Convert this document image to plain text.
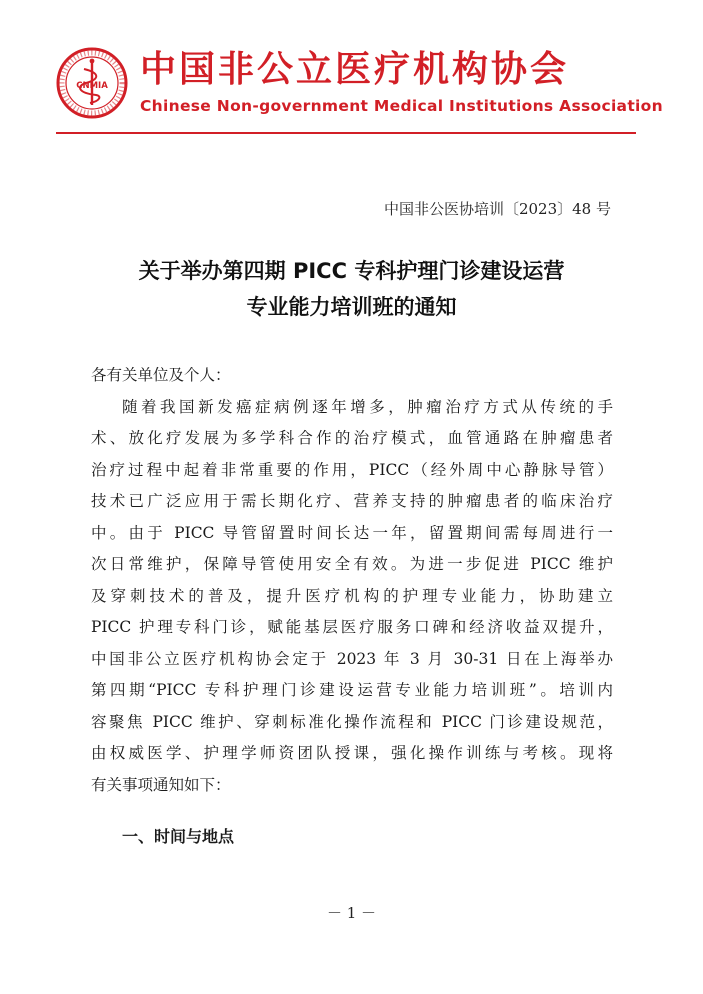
CNMIA 中国非公立医疗机构协会
Chinese Non-government Medical Institutions Association
中国非公医协培训〔2023〕48 号
关于举办第四期 PICC 专科护理门诊建设运营
专业能力培训班的通知
各有关单位及个人：
随着我国新发癌症病例逐年增多，肿瘤治疗方式从传统的手
术、放化疗发展为多学科合作的治疗模式，血管通路在肿瘤患者
治疗过程中起着非常重要的作用，PICC（经外周中心静脉导管）
技术已广泛应用于需长期化疗、营养支持的肿瘤患者的临床治疗
中。由于 PICC 导管留置时间长达一年，留置期间需每周进行一
次日常维护，保障导管使用安全有效。为进一步促进 PICC 维护
及穿刺技术的普及，提升医疗机构的护理专业能力，协助建立
PICC 护理专科门诊，赋能基层医疗服务口碑和经济收益双提升，
中国非公立医疗机构协会定于 2023 年 3 月 30-31 日在上海举办
第四期“PICC 专科护理门诊建设运营专业能力培训班”。培训内
容聚焦 PICC 维护、穿刺标准化操作流程和 PICC 门诊建设规范，
由权威医学、护理学师资团队授课，强化操作训练与考核。现将
有关事项通知如下：
一、时间与地点
－ 1 －
